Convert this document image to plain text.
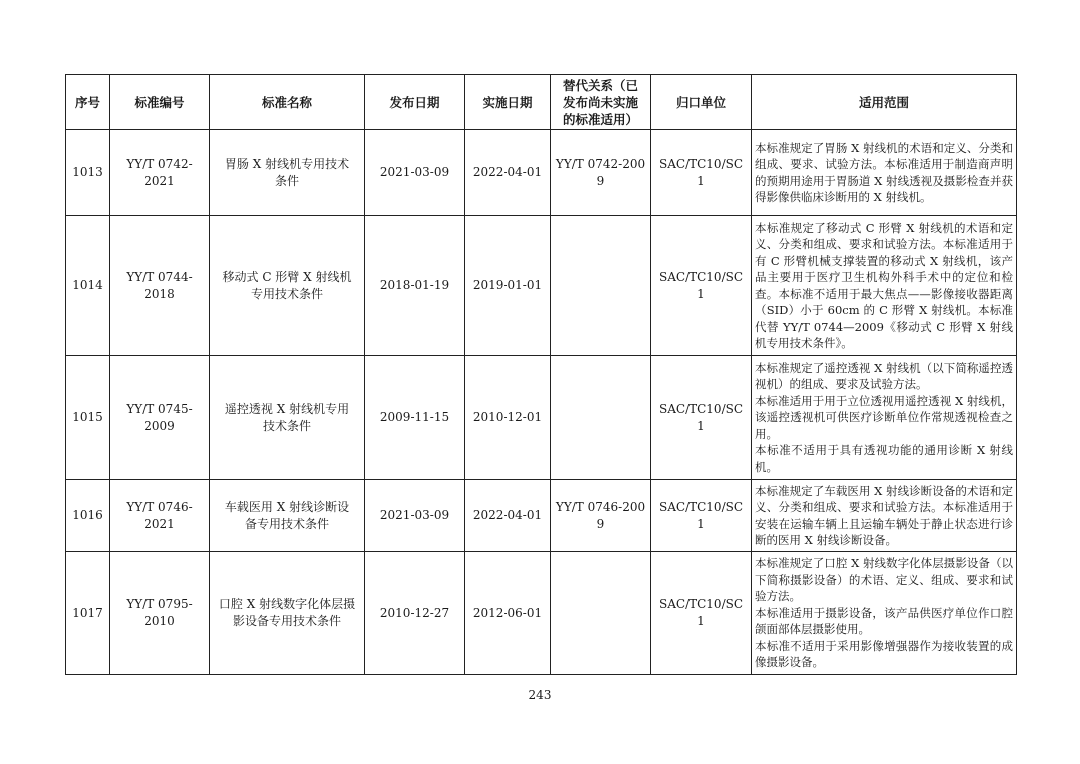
序号	标准编号	标准名称	发布日期	实施日期	替代关系（已发布尚未实施的标准适用）	归口单位	适用范围
1013	YY/T 0742-2021	胃肠 X 射线机专用技术条件	2021-03-09	2022-04-01	YY/T 0742-2009	SAC/TC10/SC1	本标准规定了胃肠 X 射线机的术语和定义、分类和组成、要求、试验方法。本标准适用于制造商声明的预期用途用于胃肠道 X 射线透视及摄影检查并获得影像供临床诊断用的 X 射线机。

1014	YY/T 0744-2018	移动式 C 形臂 X 射线机专用技术条件	2018-01-19	2019-01-01		SAC/TC10/SC1	本标准规定了移动式 C 形臂 X 射线机的术语和定义、分类和组成、要求和试验方法。本标准适用于有 C 形臂机械支撑装置的移动式 X 射线机，该产品主要用于医疗卫生机构外科手术中的定位和检查。本标准不适用于最大焦点——影像接收器距离（SID）小于 60cm 的 C 形臂 X 射线机。本标准代替 YY/T 0744—2009《移动式 C 形臂 X 射线机专用技术条件》。

1015	YY/T 0745-2009	遥控透视 X 射线机专用技术条件	2009-11-15	2010-12-01		SAC/TC10/SC1	本标准规定了遥控透视 X 射线机（以下简称遥控透视机）的组成、要求及试验方法。
本标准适用于用于立位透视用遥控透视 X 射线机，该遥控透视机可供医疗诊断单位作常规透视检查之用。
本标准不适用于具有透视功能的通用诊断 X 射线机。

1016	YY/T 0746-2021	车载医用 X 射线诊断设备专用技术条件	2021-03-09	2022-04-01	YY/T 0746-2009	SAC/TC10/SC1	本标准规定了车载医用 X 射线诊断设备的术语和定义、分类和组成、要求和试验方法。本标准适用于安装在运输车辆上且运输车辆处于静止状态进行诊断的医用 X 射线诊断设备。

1017	YY/T 0795-2010	口腔 X 射线数字化体层摄影设备专用技术条件	2010-12-27	2012-06-01		SAC/TC10/SC1	本标准规定了口腔 X 射线数字化体层摄影设备（以下简称摄影设备）的术语、定义、组成、要求和试验方法。
本标准适用于摄影设备，该产品供医疗单位作口腔颌面部体层摄影使用。
本标准不适用于采用影像增强器作为接收装置的成像摄影设备。
243
